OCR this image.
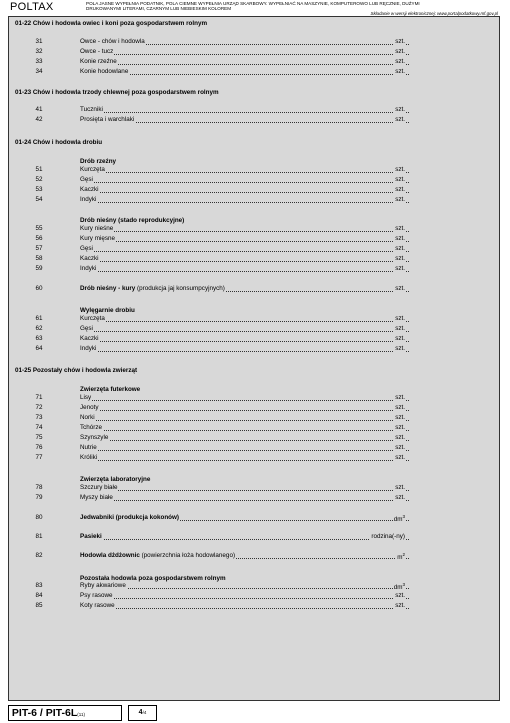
POLTAX	POLA JASNE WYPEŁNIA PODATNIK, POLA CIEMNE WYPEŁNIA URZĄD SKARBOWY. WYPEŁNIAĆ NA MASZYNIE, KOMPUTEROWO LUB RĘCZNIE, DUŻYMI
DRUKOWANYMI LITERAMI, CZARNYM LUB NIEBIESKIM KOLOREM
Składanie w wersji elektronicznej: www.portalpodatkowy.mf.gov.pl
01-22 Chów i hodowla owiec i koni poza gospodarstwem rolnym
01-23 Chów i hodowla trzody chlewnej poza gospodarstwem rolnym
01-24 Chów i hodowla drobiu
Drób rzeźny
Drób nieśny (stado reprodukcyjne)
Wylęgarnie drobiu
01-25 Pozostały chów i hodowla zwierząt
Zwierzęta futerkowe
Zwierzęta laboratoryjne
Pozostała hodowla poza gospodarstwem rolnym
31	Owce - chów i hodowla	szt.
32	Owce - tucz	szt.
33	Konie rzeźne	szt.
34	Konie hodowlane	szt.
41	Tuczniki	szt.
42	Prosięta i warchlaki	szt.
51	Kurczęta	szt.
52	Gęsi	szt.
53	Kaczki	szt.
54	Indyki	szt.
55	Kury nieśne	szt.
56	Kury mięsne	szt.
57	Gęsi	szt.
58	Kaczki	szt.
59	Indyki	szt.
60	Drób nieśny - kury (produkcja jaj konsumpcyjnych)	szt.
61	Kurczęta	szt.
62	Gęsi	szt.
63	Kaczki	szt.
64	Indyki	szt.
71	Lisy	szt.
72	Jenoty	szt.
73	Norki	szt.
74	Tchórze	szt.
75	Szynszyle	szt.
76	Nutrie	szt.
77	Króliki	szt.
78	Szczury białe	szt.
79	Myszy białe	szt.
80	Jedwabniki (produkcja kokonów)	$dm^3$
81	Pasieki	rodzina(-ny)
82	Hodowla dżdżownic (powierzchnia łoża hodowlanego)	$m^2$
83	Ryby akwariowe	$dm^3$
84	Psy rasowe	szt.
85	Koty rasowe	szt.
PIT-6 / PIT-6L(11)	4/4
